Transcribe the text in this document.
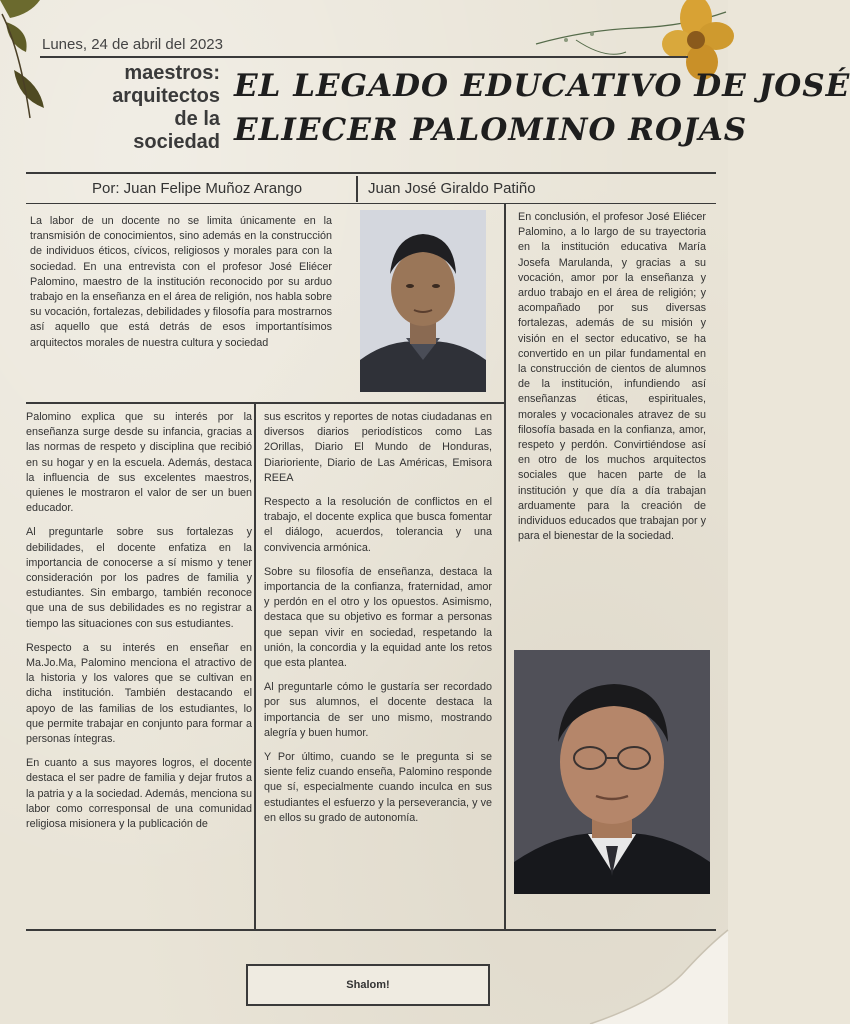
Lunes, 24 de abril del 2023
maestros:
arquitectos
de la
sociedad
EL LEGADO EDUCATIVO DE JOSÉ
ELIECER PALOMINO ROJAS
Por: Juan Felipe Muñoz Arango	Juan José Giraldo Patiño
La labor de un docente no se limita únicamente en la transmisión de conocimientos, sino además en la construcción de individuos éticos, cívicos, religiosos y morales para con la sociedad. En una entrevista con el profesor José Eliécer Palomino, maestro de la institución reconocido por su arduo trabajo en la enseñanza en el área de religión, nos habla sobre su vocación, fortalezas, debilidades y filosofía para mostrarnos así aquello que está detrás de esos importantísimos arquitectos morales de nuestra cultura y sociedad

Palomino explica que su interés por la enseñanza surge desde su infancia, gracias a las normas de respeto y disciplina que recibió en su hogar y en la escuela. Además, destaca la influencia de sus excelentes maestros, quienes le mostraron el valor de ser un buen educador.

Al preguntarle sobre sus fortalezas y debilidades, el docente enfatiza en la importancia de conocerse a sí mismo y tener consideración por los padres de familia y estudiantes. Sin embargo, también reconoce que una de sus debilidades es no registrar a tiempo las situaciones con sus estudiantes.

Respecto a su interés en enseñar en Ma.Jo.Ma, Palomino menciona el atractivo de la historia y los valores que se cultivan en dicha institución. También destacando el apoyo de las familias de los estudiantes, lo que permite trabajar en conjunto para formar a personas íntegras.

En cuanto a sus mayores logros, el docente destaca el ser padre de familia y dejar frutos a la patria y a la sociedad. Además, menciona su labor como corresponsal de una comunidad religiosa misionera y la publicación de

sus escritos y reportes de notas ciudadanas en diversos diarios periodísticos como Las 2Orillas, Diario El Mundo de Honduras, Diarioriente, Diario de Las Américas, Emisora REEA

Respecto a la resolución de conflictos en el trabajo, el docente explica que busca fomentar el diálogo, acuerdos, tolerancia y una convivencia armónica.

Sobre su filosofía de enseñanza, destaca la importancia de la confianza, fraternidad, amor y perdón en el otro y los opuestos. Asimismo, destaca que su objetivo es formar a personas que sepan vivir en sociedad, respetando la unión, la concordia y la equidad ante los retos que esta plantea.

Al preguntarle cómo le gustaría ser recordado por sus alumnos, el docente destaca la importancia de ser uno mismo, mostrando alegría y buen humor.

Y Por último, cuando se le pregunta si se siente feliz cuando enseña, Palomino responde que sí, especialmente cuando inculca en sus estudiantes el esfuerzo y la perseverancia, y ve en ellos su grado de autonomía.

En conclusión, el profesor José Eliécer Palomino, a lo largo de su trayectoria en la institución educativa María Josefa Marulanda, y gracias a su vocación, amor por la enseñanza y arduo trabajo en el área de religión; y acompañado por sus diversas fortalezas, además de su misión y visión en el sector educativo, se ha convertido en un pilar fundamental en la construcción de cientos de alumnos de la institución, infundiendo así enseñanzas éticas, espirituales, morales y vocacionales atravez de su filosofía basada en la confianza, amor, respeto y perdón. Convirtiéndose así en otro de los muchos arquitectos sociales que hacen parte de la institución y que día a día trabajan arduamente para la creación de individuos educados que trabajan por y para el bienestar de la sociedad.

Shalom!
